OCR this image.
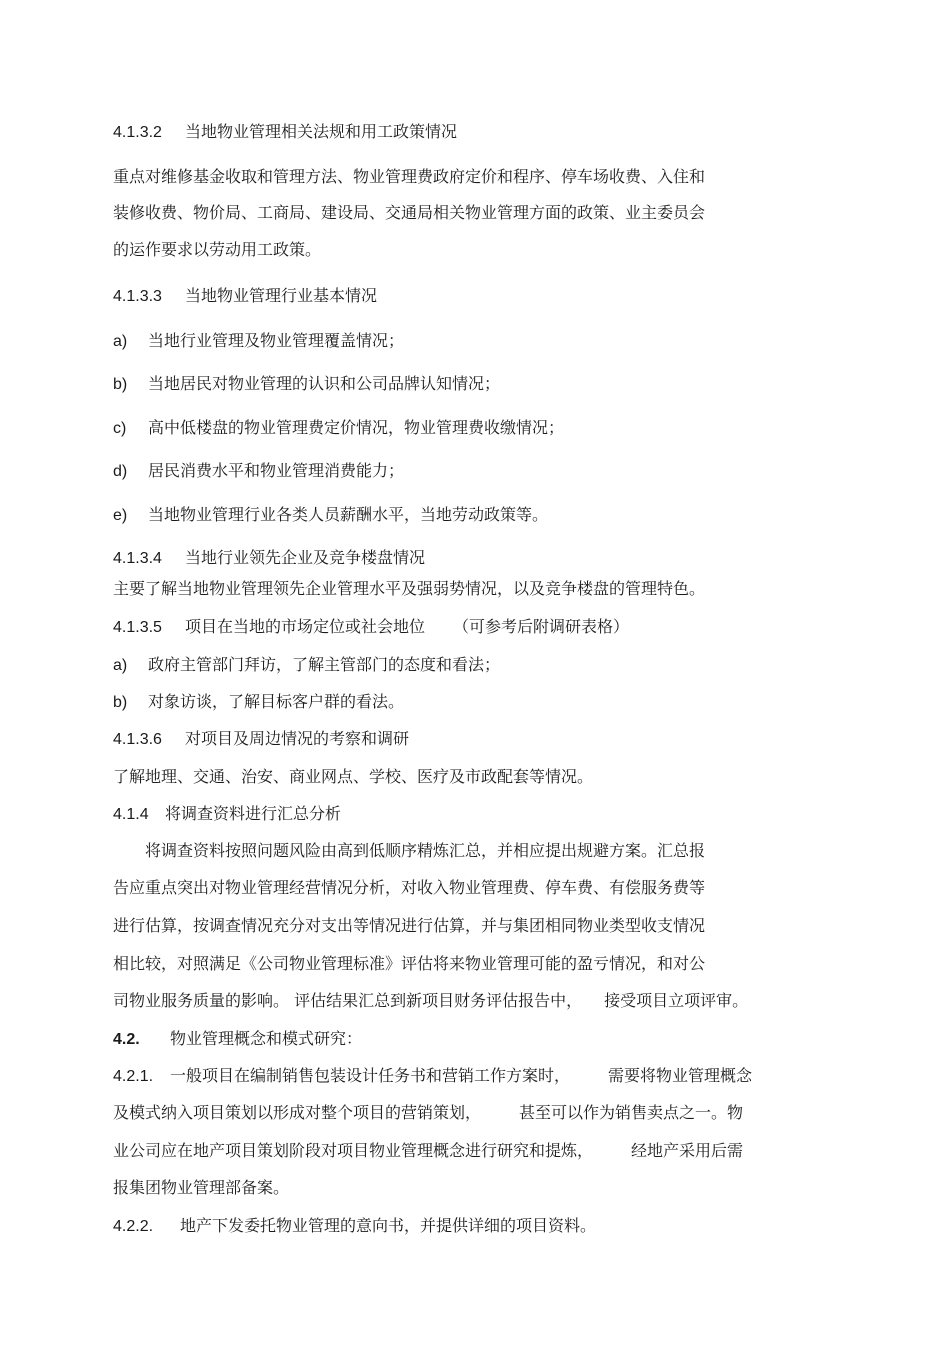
4.1.3.2 当地物业管理相关法规和用工政策情况
重点对维修基金收取和管理方法、物业管理费政府定价和程序、停车场收费、入住和
装修收费、物价局、工商局、建设局、交通局相关物业管理方面的政策、业主委员会
的运作要求以劳动用工政策。
4.1.3.3 当地物业管理行业基本情况
a) 当地行业管理及物业管理覆盖情况；
b) 当地居民对物业管理的认识和公司品牌认知情况；
c) 高中低楼盘的物业管理费定价情况，物业管理费收缴情况；
d) 居民消费水平和物业管理消费能力；
e) 当地物业管理行业各类人员薪酬水平，当地劳动政策等。
4.1.3.4 当地行业领先企业及竞争楼盘情况
主要了解当地物业管理领先企业管理水平及强弱势情况，以及竞争楼盘的管理特色。
4.1.3.5 项目在当地的市场定位或社会地位 （可参考后附调研表格）
a) 政府主管部门拜访，了解主管部门的态度和看法；
b) 对象访谈，了解目标客户群的看法。
4.1.3.6 对项目及周边情况的考察和调研
了解地理、交通、治安、商业网点、学校、医疗及市政配套等情况。
4.1.4 将调查资料进行汇总分析
将调查资料按照问题风险由高到低顺序精炼汇总，并相应提出规避方案。汇总报
告应重点突出对物业管理经营情况分析，对收入物业管理费、停车费、有偿服务费等
进行估算，按调查情况充分对支出等情况进行估算，并与集团相同物业类型收支情况
相比较，对照满足《公司物业管理标准》评估将来物业管理可能的盈亏情况，和对公
司物业服务质量的影响。 评估结果汇总到新项目财务评估报告中， 接受项目立项评审。
4.2. 物业管理概念和模式研究：
4.2.1. 一般项目在编制销售包装设计任务书和营销工作方案时， 需要将物业管理概念
及模式纳入项目策划以形成对整个项目的营销策划， 甚至可以作为销售卖点之一。物
业公司应在地产项目策划阶段对项目物业管理概念进行研究和提炼， 经地产采用后需
报集团物业管理部备案。
4.2.2. 地产下发委托物业管理的意向书，并提供详细的项目资料。
